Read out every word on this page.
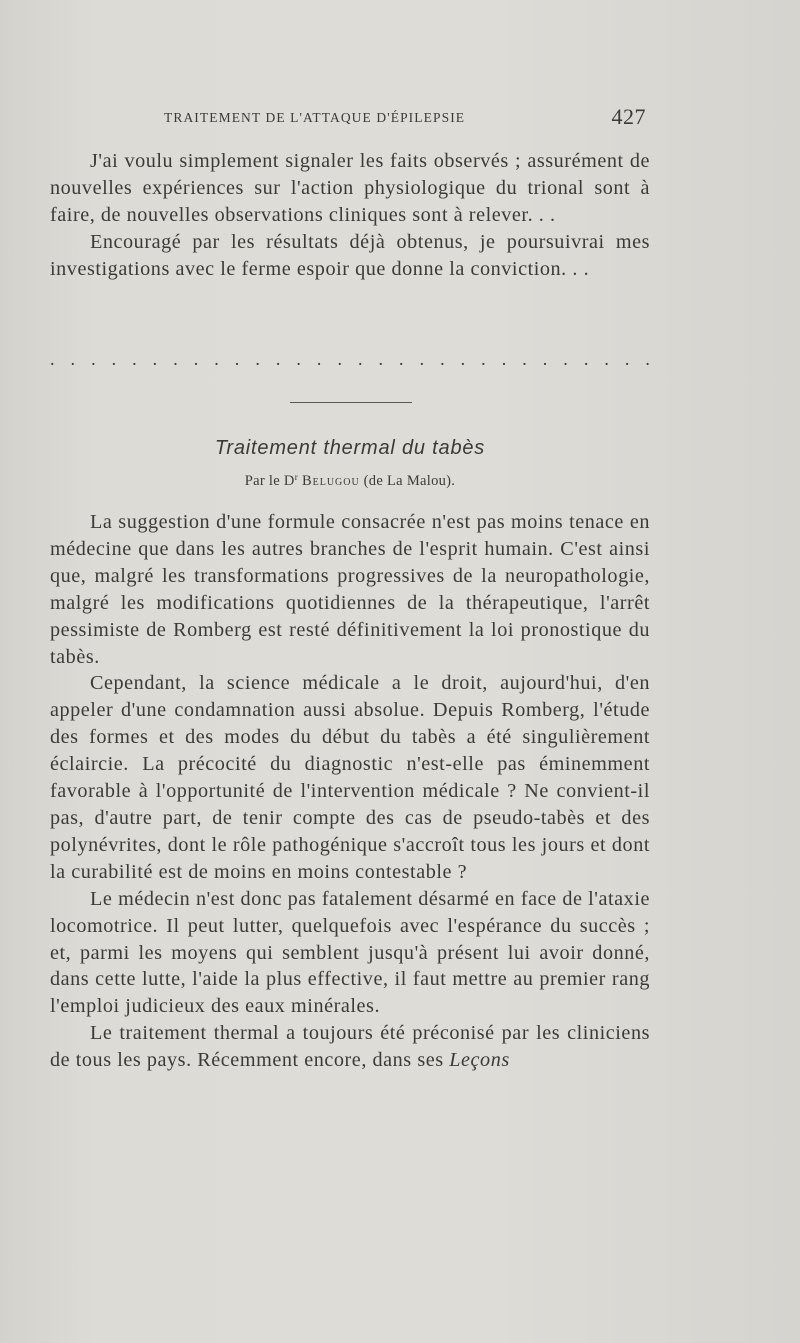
TRAITEMENT DE L'ATTAQUE D'ÉPILEPSIE	427

J'ai voulu simplement signaler les faits observés ; assurément de nouvelles expériences sur l'action physiologique du trional sont à faire, de nouvelles observations cliniques sont à relever. . .

Encouragé par les résultats déjà obtenus, je poursuivrai mes investigations avec le ferme espoir que donne la conviction. . .

. . . . . . . . . . . . . . . . . . . . . . . . . . . . . .
Traitement thermal du tabès
Par le $D^r$ Belugou (de La Malou).

La suggestion d'une formule consacrée n'est pas moins tenace en médecine que dans les autres branches de l'esprit humain. C'est ainsi que, malgré les transformations progressives de la neuropathologie, malgré les modifications quotidiennes de la thérapeutique, l'arrêt pessimiste de Romberg est resté définitivement la loi pronostique du tabès.

Cependant, la science médicale a le droit, aujourd'hui, d'en appeler d'une condamnation aussi absolue. Depuis Romberg, l'étude des formes et des modes du début du tabès a été singulièrement éclaircie. La précocité du diagnostic n'est-elle pas éminemment favorable à l'opportunité de l'intervention médicale ? Ne convient-il pas, d'autre part, de tenir compte des cas de pseudo-tabès et des polynévrites, dont le rôle pathogénique s'accroît tous les jours et dont la curabilité est de moins en moins contestable ?

Le médecin n'est donc pas fatalement désarmé en face de l'ataxie locomotrice. Il peut lutter, quelquefois avec l'espérance du succès ; et, parmi les moyens qui semblent jusqu'à présent lui avoir donné, dans cette lutte, l'aide la plus effective, il faut mettre au premier rang l'emploi judicieux des eaux minérales.

Le traitement thermal a toujours été préconisé par les cliniciens de tous les pays. Récemment encore, dans ses Leçons
